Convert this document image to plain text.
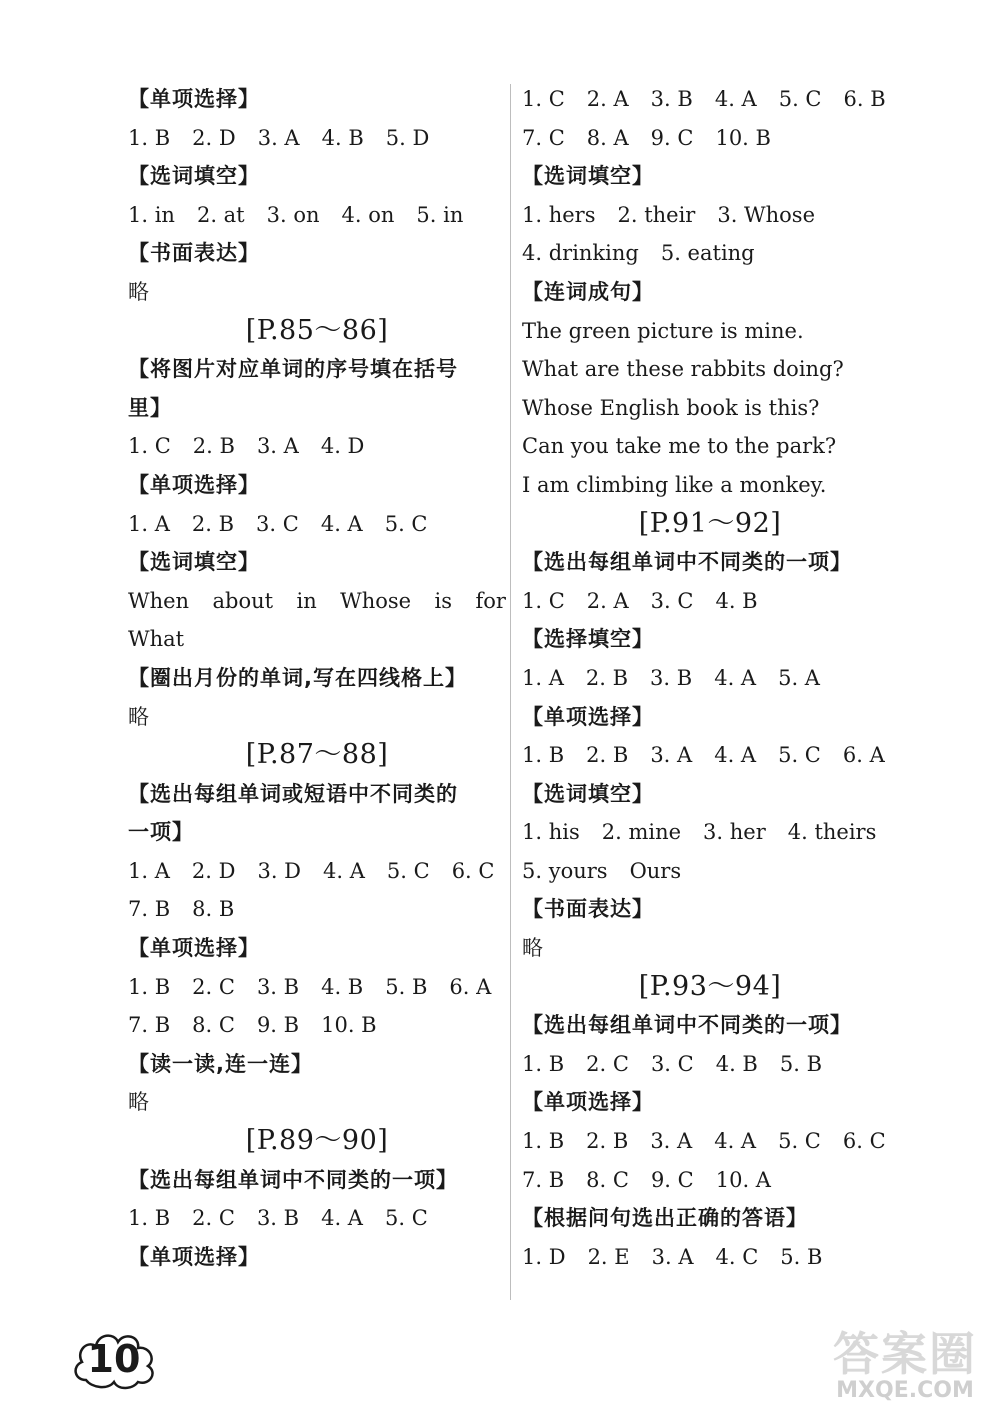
【单项选择】
1. B 2. D 3. A 4. B 5. D
【选词填空】
1. in 2. at 3. on 4. on 5. in
【书面表达】
略
[P.85～86]
【将图片对应单词的序号填在括号
里】
1. C 2. B 3. A 4. D
【单项选择】
1. A 2. B 3. C 4. A 5. C
【选词填空】
When about in Whose is for
What
【圈出月份的单词,写在四线格上】
略
[P.87～88]
【选出每组单词或短语中不同类的
一项】
1. A 2. D 3. D 4. A 5. C 6. C7. B 8. B
【单项选择】
1. B 2. C 3. B 4. B 5. B 6. A7. B 8. C 9. B 10. B
【读一读,连一连】
略
[P.89～90]
【选出每组单词中不同类的一项】
1. B 2. C 3. B 4. A 5. C
【单项选择】
1. C 2. A 3. B 4. A 5. C 6. B7. C 8. A 9. C 10. B
【选词填空】
1. hers 2. their 3. Whose4. drinking 5. eating
【连词成句】
The green picture is mine.
What are these rabbits doing?
Whose English book is this?
Can you take me to the park?
I am climbing like a monkey.
[P.91～92]
【选出每组单词中不同类的一项】
1. C 2. A 3. C 4. B
【选择填空】
1. A 2. B 3. B 4. A 5. A
【单项选择】
1. B 2. B 3. A 4. A 5. C 6. A
【选词填空】
1. his 2. mine 3. her 4. theirs5. yours Ours
【书面表达】
略
[P.93～94]
【选出每组单词中不同类的一项】
1. B 2. C 3. C 4. B 5. B
【单项选择】
1. B 2. B 3. A 4. A 5. C 6. C7. B 8. C 9. C 10. A
【根据问句选出正确的答语】
1. D 2. E 3. A 4. C 5. B
10	答案圈
MXQE.COM
